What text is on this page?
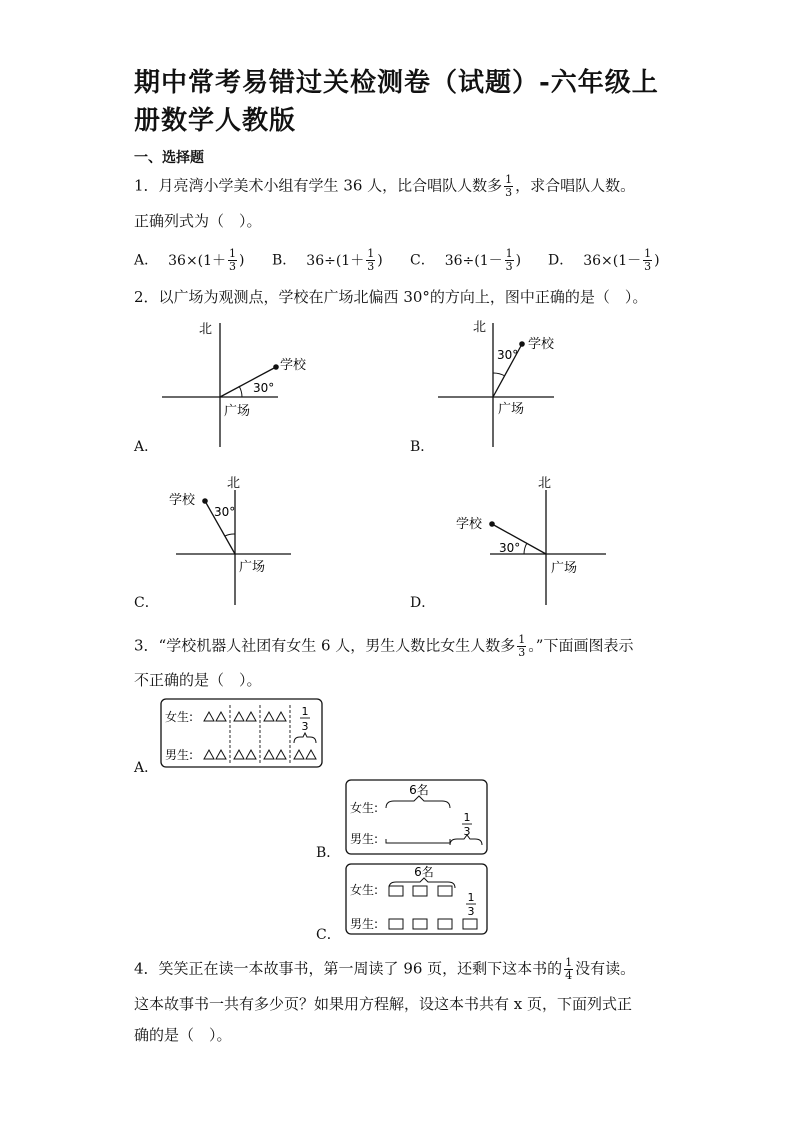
期中常考易错过关检测卷（试题）-六年级上
册数学人教版
一、选择题
1．月亮湾小学美术小组有学生 36 人，比合唱队人数多 $\frac{1}{3}$ ，求合唱队人数。
正确列式为（　）。
A． $36\times(1+ \frac{1}{3}$ ) B． $36\div(1+ \frac{1}{3}$ ) C． $36\div(1- \frac{1}{3}$ ) D． $36\times(1- \frac{1}{3}$ )
2．以广场为观测点，学校在广场北偏西 30°的方向上，图中正确的是（　）。
北
学校
30°
广场
A．
北
学校
30°
广场
B．
北
学校
30°
广场
C．
北
学校
30°
广场
D．
3．“学校机器人社团有女生 6 人，男生人数比女生人数多 $\frac{1}{3}$ 。”下面画图表示
不正确的是（　）。
女生:
男生:
1
3
A．
女生:
男生:
6名
1
3
B．
女生:
男生:
6名
1
3
C．
4．笑笑正在读一本故事书，第一周读了 96 页，还剩下这本书的 $\frac{1}{4}$ 没有读。
这本故事书一共有多少页？如果用方程解，设这本书共有 x 页，下面列式正
确的是（　）。
